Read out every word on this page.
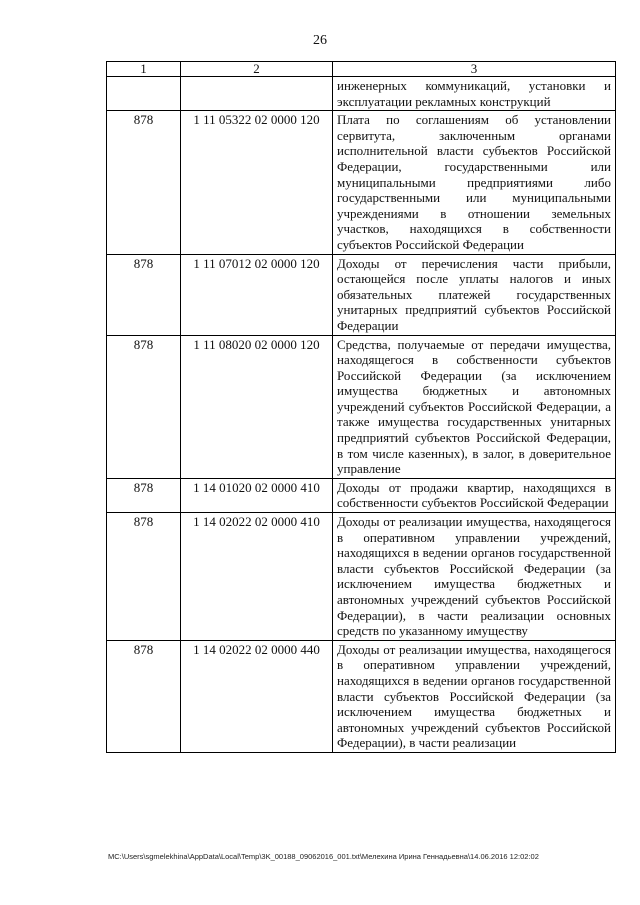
26
1	2	3
		инженерных коммуникаций, установки и эксплуатации рекламных конструкций
878	1 11 05322 02 0000 120	Плата по соглашениям об установлении сервитута, заключенным органами исполнительной власти субъектов Российской Федерации, государственными или муниципальными предприятиями либо государственными или муниципальными учреждениями в отношении земельных участков, находящихся в собственности субъектов Российской Федерации
878	1 11 07012 02 0000 120	Доходы от перечисления части прибыли, остающейся после уплаты налогов и иных обязательных платежей государственных унитарных предприятий субъектов Российской Федерации
878	1 11 08020 02 0000 120	Средства, получаемые от передачи имущества, находящегося в собственности субъектов Российской Федерации (за исключением имущества бюджетных и автономных учреждений субъектов Российской Федерации, а также имущества государственных унитарных предприятий субъектов Российской Федерации, в том числе казенных), в залог, в доверительное управление
878	1 14 01020 02 0000 410	Доходы от продажи квартир, находящихся в собственности субъектов Российской Федерации
878	1 14 02022 02 0000 410	Доходы от реализации имущества, находящегося в оперативном управлении учреждений, находящихся в ведении органов государственной власти субъектов Российской Федерации (за исключением имущества бюджетных и автономных учреждений субъектов Российской Федерации), в части реализации основных средств по указанному имуществу
878	1 14 02022 02 0000 440	Доходы от реализации имущества, находящегося в оперативном управлении учреждений, находящихся в ведении органов государственной власти субъектов Российской Федерации (за исключением имущества бюджетных и автономных учреждений субъектов Российской Федерации), в части реализации
МС:\Users\sgmelekhina\AppData\Local\Temp\3K_00188_09062016_001.txt\Мелехина Ирина Геннадьевна\14.06.2016 12:02:02
